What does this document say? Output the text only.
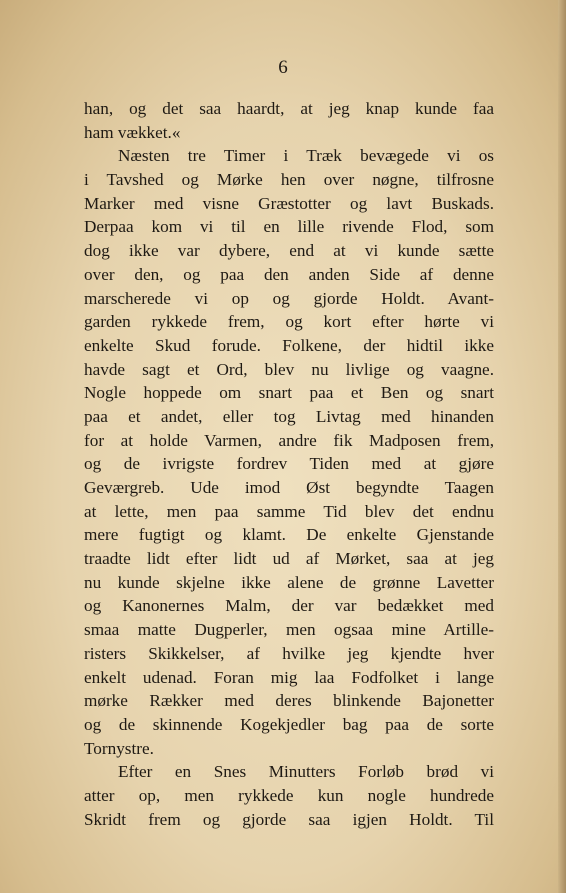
6
han, og det saa haardt, at jeg knap kunde faa
ham vækket.«
Næsten tre Timer i Træk bevægede vi os
i Tavshed og Mørke hen over nøgne, tilfrosne
Marker med visne Græstotter og lavt Buskads.
Derpaa kom vi til en lille rivende Flod, som
dog ikke var dybere, end at vi kunde sætte
over den, og paa den anden Side af denne
marscherede vi op og gjorde Holdt. Avant-
garden rykkede frem, og kort efter hørte vi
enkelte Skud forude. Folkene, der hidtil ikke
havde sagt et Ord, blev nu livlige og vaagne.
Nogle hoppede om snart paa et Ben og snart
paa et andet, eller tog Livtag med hinanden
for at holde Varmen, andre fik Madposen frem,
og de ivrigste fordrev Tiden med at gjøre
Geværgreb. Ude imod Øst begyndte Taagen
at lette, men paa samme Tid blev det endnu
mere fugtigt og klamt. De enkelte Gjenstande
traadte lidt efter lidt ud af Mørket, saa at jeg
nu kunde skjelne ikke alene de grønne Lavetter
og Kanonernes Malm, der var bedækket med
smaa matte Dugperler, men ogsaa mine Artille-
risters Skikkelser, af hvilke jeg kjendte hver
enkelt udenad. Foran mig laa Fodfolket i lange
mørke Rækker med deres blinkende Bajonetter
og de skinnende Kogekjedler bag paa de sorte
Tornystre.
Efter en Snes Minutters Forløb brød vi
atter op, men rykkede kun nogle hundrede
Skridt frem og gjorde saa igjen Holdt. Til
